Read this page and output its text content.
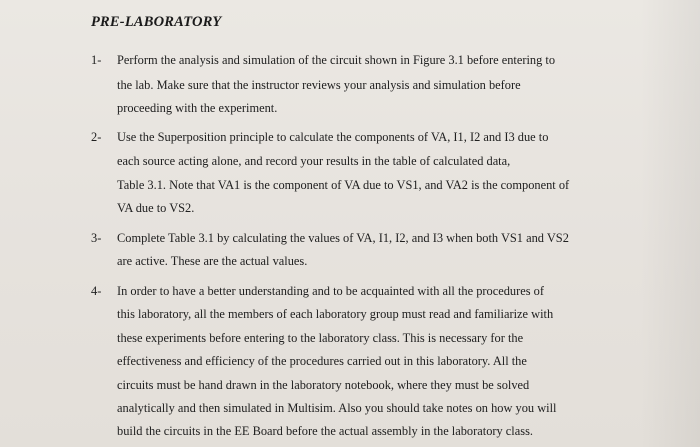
PRE-LABORATORY
1- Perform the analysis and simulation of the circuit shown in Figure 3.1 before entering to
the lab. Make sure that the instructor reviews your analysis and simulation before
proceeding with the experiment.
2- Use the Superposition principle to calculate the components of VA, I1, I2 and I3 due to
each source acting alone, and record your results in the table of calculated data,
Table 3.1. Note that VA1 is the component of VA due to VS1, and VA2 is the component of
VA due to VS2.
3- Complete Table 3.1 by calculating the values of VA, I1, I2, and I3 when both VS1 and VS2
are active. These are the actual values.
4- In order to have a better understanding and to be acquainted with all the procedures of
this laboratory, all the members of each laboratory group must read and familiarize with
these experiments before entering to the laboratory class. This is necessary for the
effectiveness and efficiency of the procedures carried out in this laboratory. All the
circuits must be hand drawn in the laboratory notebook, where they must be solved
analytically and then simulated in Multisim. Also you should take notes on how you will
build the circuits in the EE Board before the actual assembly in the laboratory class.
